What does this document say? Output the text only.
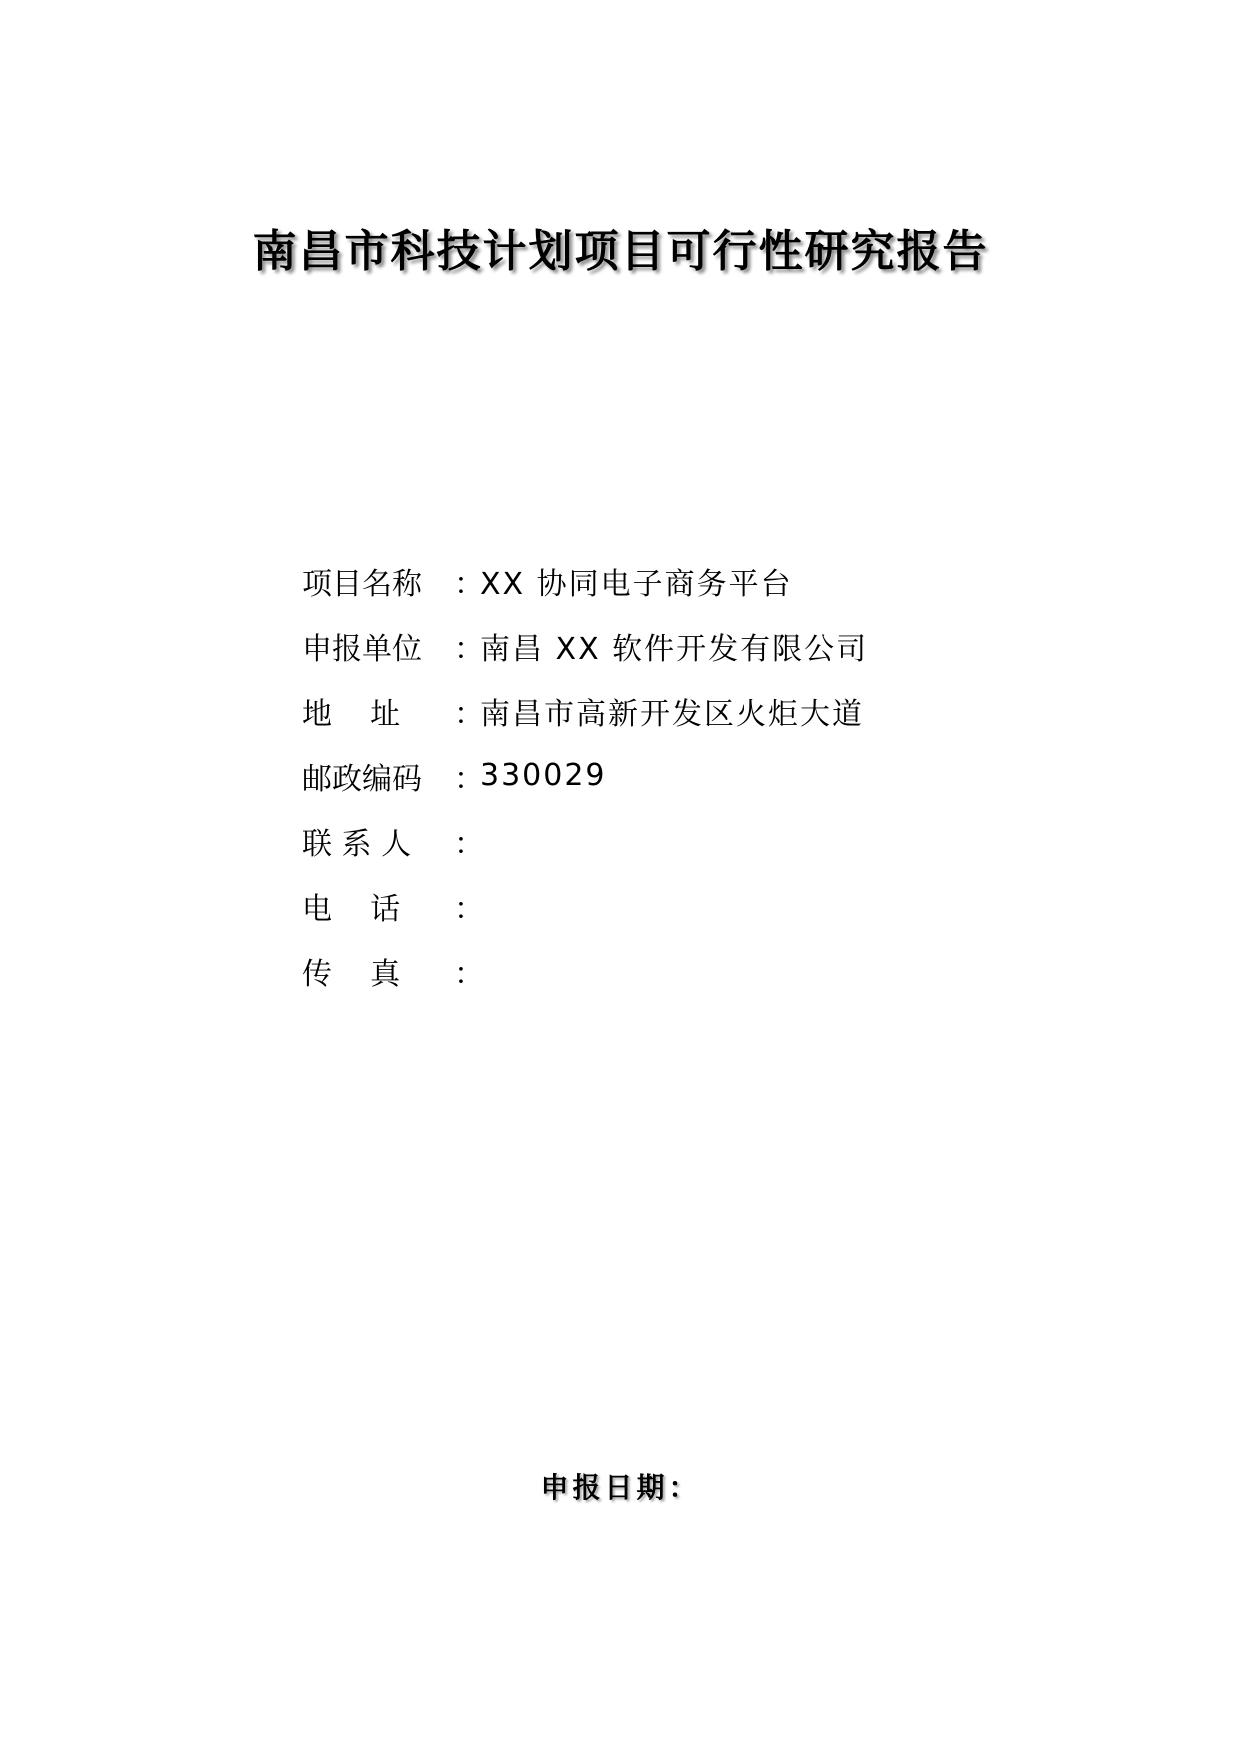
南昌市科技计划项目可行性研究报告
项目名称	：
XX 协同电子商务平台
申报单位	：
南昌 XX 软件开发有限公司
地    址	：
南昌市高新开发区火炬大道
邮政编码	：
330029
联 系 人	：
电    话	：
传    真	：
申报日期：
